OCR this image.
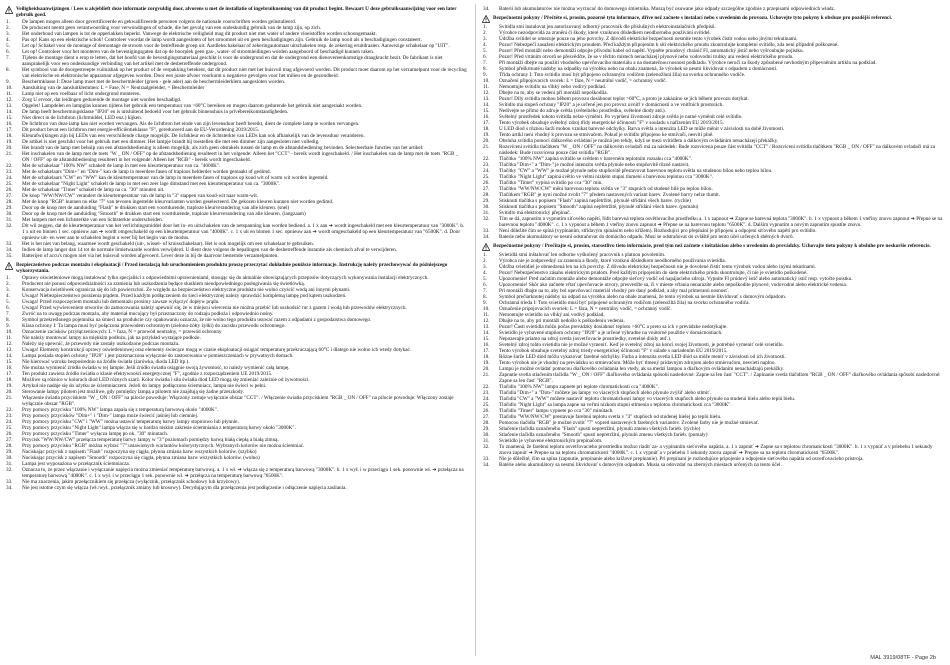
Veiligheidsaanwijzingen / Lees u alsjeblieft deze informatie zorgvuldig door, alvorens u met de installatie of ingebruikneming van dit product begint. Bewaart U deze gebruiksaanwijzing voor een later gebruik goed.
1.	De lampen mogen alleen door gecertificeerde en gekwalificeerde personen volgens de nationale voorschriften worden geïnstalleerd.
2.	De producent neemt geen verantwoording voor verwondingen of schade, die het gevolg van een ondeskundig gebruik van de lamp zijn, op zich.
3.	Het onderhoud van lampen is tot de opperlakken beperkt. Vanwege de elektrische veiligheid mag dit product niet met water of andere vloeistoffen worden schoongemaakt.
4.	Pas op! Kans op een elektrische schok! Controleer voordat de lamp wordt aangesloten of het stroomnet uit en geen beschadigingen zijn. Gebruik de lamp nooit als u beschadigingen constateert.
5.	Let op! Schakel voor de montage of demontage de stroom voor de betreffende groep uit. Aardlekschakelaar of zekeringautomaat uitschakelen resp. de zekering eruitdraaien. Aanwezige schakelaar op "UIT".
6.	Let op! Controleer voor het monteren van de bevestigingsgaten dat op de boorplek geen gas-, water- of stroomleidingen worden aangeboord of beschadigd kunnen raken.
7.	Tijdens de montage dient u erop te letten, dat het hoofd van de bevestigingsmateriaal geschikt is voor de ondergrond en dat de ondergrond een dienovereenkomstige draagkracht bezit. De fabrikant is niet aansprakelijk voor een ondeskundige verbinding van het artikel met de desbetreffende ondergrond.
8.	Het symbool van de doorgestreepte vuilnisbak op het product of de verpakking betekent, dat dit product niet met het huisvuil mag afgevoerd worden. Dit product moet daarom op het verzamelpunt voor de recycling van elektrische en elektronische apparatuur afgegeven worden. Door een juiste afvoer voorkomt u negatieve gevolgen voor het milieu en de gezondheid.
9.	Beschermklasse I: Deze lamp moet met de beschermleider (groen - gele ader) aan de beschermleiderklem aangesloten worden.
10.	Aansluiting van de aansluitklemmen: L = Fase, N = Neutraalgeleider, = Beschermleider
11.	Lamp niet op een voelbaar of licht ondergrond monteren.
12.	Zorg U ervoor, dat leidingen gedurende de montage niet worden beschadigd.
13.	Opgelet! Lampdelen en lampglas kunnen tijdens het gebruik een temperatuur van >60°C bereiken en mogen daarom gedurende het gebruik niet aangeraakt worden.
14.	De lamp heeft beschermingsklasse "IP20" en is uitsluitend bedoeld voor het gebruik binnenshuis in privébereikomstandigheden.
15.	Niet direct in de lichtbron (lichtmiddel, LED enz.) kijken.
16.	De lichtbron van deze lamp kan niet worden vervangen. Als de lichtbron het einde van zijn levensduur heeft bereikt, dient de complete lamp te worden vervangen.
17.	Dit product bevat een lichtbron met energie-efficiëntieklasse "F", gereduceerd aan de EU-Verordening 2019/2015.
18.	Kleurafwijkingen zijn bij LEDs van een verschillende charge mogelijk. De lichtkleur en de lichtsterkte van LEDs kan ook afhankelijk van de levensduur veranderen.
19.	De artikel is niet geschikt voor het gebruik met een dimmer. Het lampje brandt bij toestellen die met een dimmer zijn aangesloten niet volledig.
20.	Het brandt van de lamp met behulp van een afstandsbediening is alleen mogelijk, als zich geen obstakels tussen de lamp en de afstandsbediening bevinden. Selecteerbare functies van het artikel:
21.	Het inschakelen van de lamp met de toets "W _ ON / OFF" op de afstandsbediening resulteert in het volgende: Alleen het "CCT" - bereik wordt ingeschakeld. / Het inschakelen van de lamp met de toets "RGB _ ON / OFF" op de afstandsbediening resulteert in het volgende: Alleen het "RGB" - bereik wordt ingeschakeld.
22.	Met de schakelaar "100% NW" schakelt de lamp in met een kleurtemperatuur van ca. "4000K".
23.	Met de schakelaars "Dim+" en "Dim-" kan de lamp in meerdere fasen of traploos helderder worden gemaakt of gedimd.
24.	Met de schakelaars "CW" en "WW" kan de kleurtemperatuur van de lamp in meerdere fasen of traploos op koud wit of warm wit worden ingesteld.
25.	Met de schakelaar "Night Light" schakelt de lamp in met een zeer lage dimstand met een kleurtemperatuur van ca. "3000K".
26.	Met de schakelaar "Timer" schakelt de lamp na ca. "30" minuten uit.
27.	De knop "WW/NW/CW" verandert de kleurtemperatuur van de lamp in "3" stappen van koud-wit naar warm-wit.
28.	Met de knop "RGB" kunnen nu elke "7" van tevoren ingestelde kleurvarianten worden geselecteerd. De gekozen kleuren kunnen niet worden gedimd.
29.	Door op de knop met de aanduiding "Flash" te drukken start een voortdurende, traploze kleurverandering van alle kleuren. (snel)
30.	Door op de knop met de aanduiding "Smooth" te drukken start een voortdurende, traploze kleurverandering van alle kleuren. (langzaam)
31.	Met lampen met een lichtsterkte van een lichtsterkte onderscheiden.
32.	Dit wil zeggen, dat de kleurtemperatuur van het verlichtingsmiddel door het in- en uitschakelen van de netspanning kan worden bediend. a. 1 x aan ➔ wordt ingeschakeld met een kleurtemperatuur van "3000K". b. 1 x uit en binnen 1 sec. opnieuw aan ➔ wordt omgeschakeld op een kleurtemperatuur van "4000K". c. 1 x uit en binnen 1 sec. opnieuw aan ➔ wordt omgeschakeld op een kleurtemperatuur van "6500K". d. Door opnieuw uit- en weer aan te schakelen begint u weer bij het begin van de modus.
33.	Het is het niet van belang, waarmee wordt geschakeld (uit-, wissel- of kruisschakelaar). Het is ook mogelijk om een schakelaar te gebruiken.
34.	Indien de lamp langer dan 14 tot de normale limietwaarde worden verwijderd. U dient deze volgens de bepalingen van de desbetreffende instantie als chemisch afval te verwijderen.
35.	Batterijen of accu's mogen niet via het huisvuil worden afgevoerd. Lever deze in bij de daarvoor bestemde verzamelpunten.
Bezpieczeństwo podczas montażu i eksploatacji / Przed instalacją lub uruchomieniem produktu proszę przeczytać dokładnie poniższe informacje. Instrukcję należy przechowywać do późniejszego wykorzystania.
1.	Oprawy oświetleniowe mogą instalować tylko specjaliści z odpowiednimi uprawnieniami, stosując się do aktualnie obowiązujących przepisów dotyczących wykonywania instalacji elektrycznych.
2.	Producent nie ponosi odpowiedzialności za zranienia lub uszkodzenia będące skutkiem nieodpowiedniego posługiwania się świetlówką.
3.	Konserwacja świetlówek ogranicza się do ich powierzchni. Ze względu na bezpieczeństwo elektryczne produktu nie wolno czyścić wodą ani innymi płynami.
4.	Uwaga! Niebezpieczeństwo porażenia prądem. Przed każdym podłączeniem do sieci elektrycznej należy sprawdzić kompletną lampę pod kątem uszkodzeń.
5.	Uwaga! Przed rozpoczęciem montażu lub demontażu prosimy zawsze wyłączyć dopływ prądu.
6.	Uwaga! Przed wywierceniem otworów do zamocowania należy upewnić się, że w miejscu wiercenia nie można przebić lub uszkodzić rur z gazem i wodą lub przewodów elektrycznych.
7.	Zwróć na to uwagę podczas montażu, aby materiał mocujący był przeznaczony do rodzaju podłoża i odpowiednio nośny.
8.	Symbol przekreślonego pojemnika na śmieci na produkcie czy opakowaniu oznacza, że nie wolno tego produktu usuwać razem z odpadami z gospodarstwa domowego.
9.	Klasa ochrony I: Ta lampa musi być połączona przewodem ochronnym (zielono-żółty żyłki) do zacisku przewodu ochronnego.
10.	Oznaczenie zacisków przyłączeniowych: L = faza, N = przewód neutralny, = przewód ochronny
11.	Nie należy montować lampy na miękkim podłożu, jak na przykład wystające podłoże.
12.	Należy się upewnić, że przewody nie zostały uszkodzone podczas montażu.
13.	Uwaga! Elementy konstrukcji oprawy oświetleniowej oraz elementy świecące mogą w czasie eksploatacji osiągać temperaturę przekraczającą 60°C i dlatego nie wolno ich wtedy dotykać.
14.	Lampa posiada stopień ochrony "IP20" i jest przeznaczona wyłącznie do zastosowania w pomieszczeniach w prywatnych domach.
15.	Nie kierować wzroku bezpośrednio na źródło światła (żarówka, dioda LED itp.).
16.	Nie można wymienić źródła światła w tej lampie. Jeśli źródło światła osiągnie swoją żywotność, to należy wymienić całą lampę.
17.	Ten produkt zawiera źródło światła o klasie efektywności energetycznej "F", zgodnie z rozporządzeniem UE 2019/2015.
18.	Możliwe są różnice w kolorach diod LED różnych szarż. Kolor światła i siła światła diod LED mogą się zmieniać zależnie od żywotności.
19.	Artykuł nie nadaje się do użytku ze ściemniaczem. Jeżeli do lampy podłączono ściemniacz, lampa nie świeci w pełni.
20.	Sterowanie lampy pilotem jest możliwe, gdy pomiędzy lampą a pilotem nie znajdują się żadne przeszkody.
21.	Włączenie światła przyciskiem "W _ ON / OFF" na pilocie powoduje: Włączony zostaje wyłącznie obszar "CCT". / Włączenie światła przyciskiem "RGB _ ON / OFF" na pilocie powoduje: Włączony zostaje wyłącznie obszar "RGB".
22.	Przy pomocy przycisku "100% NW" lampa zapala się z temperaturą barwową około "4000K".
23.	Przy pomocy przycisków "Dim+" i "Dim-" lampa może świecić jaśniej lub ciemniej.
24.	Przy pomocy przycisku "CW" i "WW" można ustawić temperaturę barwy lampy stopniowo lub płynnie.
25.	Przy pomocy przycisku "Night Light" lampa włącza się w bardzo niskim zakresie ściemniania z temperaturą barwy około "3000K".
26.	Przy pomocy przycisku "Timer" wyłącza lampę po ok. "30" minutach.
27.	Przycisk "WW/NW/CW" przełącza temperaturę barwy lampy w "3" poziomach pomiędzy barwą białą ciepłą a białą zimną.
28.	Przy pomocy przycisku "RGB" można wybrać "7" ustawionych wariantów kolorystycznych. Wybranych kolorów nie można ściemniać.
29.	Naciskając przycisk z napisem "Flash" rozpoczyna się ciągła, płynna zmiana barw wszystkich kolorów. (szybko)
30.	Naciskając przycisk z napisem "Smooth" rozpoczyna się ciągła, płynna zmiana barw wszystkich kolorów. (wolno)
31.	Lampa jest wyposażona w przełącznik ściemniacza.
32.	Oznacza to, że przez włączanie i wyłączanie napięcia można zmieniać temperaturę barwową. a. 1 x wł. ➔ włącza się z temperaturą barwową "3000K". b. 1 x wył. i w przeciągu 1 sek. ponownie wł. ➔ przełącza na temperaturę barwową "4000K". c. 1 x wył. i w przeciągu 1 sek. ponownie wł. ➔ przełącza na temperaturę barwową "6500K".
33.	Nie ma znaczenia, jakim przełącznikiem się przełącza (wyłącznik, przełącznik schodowy lub krzyżowy).
34.	Nie jest istotne czym się włącza (wł./wył., przełącznik zmiany lub krosowy). Decydującym dla przełączenia jest podłączenie i odłączenie napięcia zasilania.
34.	Baterií lub akumulatorów nie można wyrzucać do domowego śmietnika. Muszą być usuwane jako odpady szczególne zgodnie z przepisami odpowiednich władz.
Bezpečnostní pokyny / Přečtěte si, prosím, pozorně tyto informace, dříve než začnete s instalací nebo s uvedením do provozu. Uchovejte tyto pokyny k obsluze pro pozdější referenci.
1.	Svítidla smí instalovat jen autorizovaný odborný pracovník dle příslušných elektroinstalačních předpisů.
2.	Výrobce nezodpovídá za zranění či škody, které vzniknou důsledkem neodborného používání svítidel.
3.	Údržba svítidel se omezuje pouze na jeho povrchy. Z důvodů elektrické bezpečnosti nesmíte tento výrobek čistit vodou nebo jinými tekutinami.
4.	Pozor! Nebezpečí zasažení elektrickým proudem. Před každým připojením k síti elektrického proudu zkontrolujte kompletní svítidlo, zda není případně poškozené.
5.	Pozor! Před montáží nebo demontáží odpojte přívodní kabel od napětí. Vypněte proudový chránič FI, automatický jistič nebo vyšroubujte pojistku.
6.	Pozor! Před vrtáním otvorů se přesvědčte, že se v těchto místech nenacházejí plynové nebo vodovodní trubky ani vedení elektrického proudu.
7.	Při montáži dbejte na použití vhodného upevňovacího materiálu a na dostatečnou nosnost podkladu. Výrobce neručí za škody způsobené nevhodným připevněním artiklu na podklad.
8.	Symbol přeškrtnuté nádoby na odpadky na výrobku nebo na obalu znamená, že výrobek se nesmí likvidovat s odpadem z domácností.
9.	Třída ochrany I: Toto svítidlo musí být připojeno ochranným vodičem (zelenožlutá žíla) na svorku ochranného vodiče.
10.	Označení připojovacích svorek: L = fáze, N = neutrální vodič, = ochranný vodič.
11.	Nemontujte svítidlo na vlhký nebo vodivý podklad.
12.	Dbejte na to, aby se vedení při montáži nepoškodila.
13.	Pozor! Díly svítidla mohou během provozu dosáhnout teplot >60°C, a proto je zakázáno se jich během provozu dotýkat.
14.	Svítidlo má stupeň ochrany "IP20" a je určené jen pro provoz uvnitř v domácnosti a ve vnitřních prostorách.
15.	Nedívejte se přímo do zdroje světla (světelného prostředku, světelné diody atd.).
16.	Světelný prostředek tohoto svítidla nelze vyměnit. Po vypršení životnosti zdroje světla je nutné vyměnit celé svítidlo.
17.	Tento výrobek obsahuje světelný zdroj třídy energetické účinnosti "F" v souladu s nařízením EU 2019/2015.
18.	U LED diod s různou šarží mohou vznikat barevné odchylky. Barva světla a intenzita LED se může měnit v závislosti na době životnosti.
19.	Tento artikl není vhodný k provozu se stmívačem. Pokud je svítidlo připojeno ke stmívači, nesvítí plně.
20.	Obsluha svítidla pomocí dálkového ovládání je možná jen tehdy, když se mezi svítidlem a dálkovým ovládáním nenacházejí překážky.
21.	Rozsvícení svítidla tlačítkem "W _ ON / OFF" na dálkovém ovladači má za následek: Bude rozsvícena pouze část svítidla "CCT" / Rozsvícení svítidla tlačítkem "RGB _ ON / OFF" na dálkovém ovladači má za následek: Bude rozsvícena pouze část svítidla "RGB".
22.	Tlačítko "100% NW" zapíná svítidlo se světlem v barevném teplotním rozsahu cca "4000K".
23.	Tlačítka "Dim+" a "Dim-" je možné intenzitu světla plynule nebo stupňovitě různě nastavit.
24.	Tlačítky "CW" a "WW" je možné plynule nebo stupňovitě přestavovat barevnou teplotu světla na studenou bílou nebo teplou bílou.
25.	Tlačítko "Night Light" zapíná světlo ve velmi nízkém stupni tlumení s barevnou teplotou cca "3000K".
26.	Tlačítko "Timer" vypíná svítidlo po cca "30" min.
27.	Tlačítko "WW/NW/CW" mění barevnou teplotu světla ve "3" stupních od studené bílé po teplou bílou.
28.	Tlačítkem "RGB" je nyní možné zvolit "7" předem nastavených variant barev. Zvolené barvy nelze tlumit.
29.	Stisknutí tlačítka s popisem "Flash" zapíná nepřetržité, plynulé střídání všech barev. (rychle)
30.	Stisknutí tlačítka s popisem "Smooth" zapíná nepřetržité, plynulé střídání všech barev. (pomalu)
31.	Svítidlo má elektronický přepínač.
32.	Tím se dá, zapnutím a vypnutím síťového napětí, řídit barevná teplota osvětlovacího prostředku a. 1 x zapnout ➔ Zapne se barevná teplota "3000K". b. 1 x vypnout a během 1 vteřiny znovu zapnout ➔ Přepne se na barevnou teplotu "4000K". c. 1 x vypnout a během 1 vteřiny znovu zapnout ➔ Přepne se na barevnou teplotu "6500K". d. Dalším vypnutím a novým zapnutím spustíte znovu.
33.	Není důležité čím se spíná (vypínáním, střídavým spínáním nebo křížem). Rozhodující pro přepínání je připojení a odpojení síťového napětí pro svítidlo.
34.	Baterie nebo akumulátory se nesmí odstraňovat do domácího odpadu. Musí se odstraňovat do zvláště pro tento účel určených sběrných dvorů.
Bezpečnostné pokyny / Prečítajte si, prosím, starostlivo tieto informácie, pred tým než začnete s inštaláciou alebo s uvedením do prevádzky. Uchovajte tieto pokyny k obsluhe pre neskoršie referencie.
1.	Svietidlá smú inštalovať len odborne vyškolený pracovník s platnou povolením.
2.	Výrobca nie je zodpovedný za zranenia a škody, ktoré vzniknú dôsledkom neodborného používania svietidla.
3.	Údržba svietidiel je obmedzená len na ich povrchy. Z dôvodu elektrickej bezpečnosti nie je dovolené čistiť tento výrobok vodou alebo inými tekutinami.
4.	Pozor! Nebezpečenstvo zásahu elektrickým prúdom. Pred každým pripojením do siete elektrického prúdu skontrolujte, či nie je svietidlo poškodené.
5.	Upozornenie! Pred začatím montáže alebo demontáže odpojte sieťový vodič od napájacieho zdroja. Vypnite FI prúdový istič alebo automatický istič resp. vytočte poistku.
6.	Upozornenie! Skôr ako začnete vŕtať upevňovacie otvory, presvedčte sa, či v mieste vŕtania nenarazíte alebo nepoškodíte plynové, vodovodné alebo elektrické vedenia.
7.	Pri montáži dbajte na to, aby bol upevňovací materiál vhodný pre daný podklad, a aby mal primeranú nosnosť.
8.	Symbol prečiarknutej nádoby na odpad na výrobku alebo na obale znamená, že tento výrobok sa nesmie likvidovať s domovým odpadom.
9.	Ochranná trieda I: Toto svietidlo musí byť pripojené ochranným vodičom (zelenožltá žila) na svorku ochranného vodiča.
10.	Označenie pripojovacích svoriek: L = fáza, N = neutrálny vodič, = ochranný vodič.
11.	Nemontujte svietidlo na vlhký ani vodivý podklad.
12.	Dbajte na to, aby pri montáži nedošlo k poškodeniu vedenia.
13.	Pozor! Časti svietidla môžu počas prevádzky dosiahnuť teplotu >60°C a preto sa ich v prevádzke nedotýkajte.
14.	Svietidlo je vybavené stupňom ochrany "IP20" a je určené výhradne na vnútorné použitie v domácnostiach.
15.	Nepozerajte priamo na zdroj svetla (osvetľovacie prostriedky, svetelné diódy atď.).
16.	Svetelný zdroj tohto svietidla nie je možné vymeniť. Keď je svetelný zdroj na konci svojej životnosti, je potrebné vymeniť celé svietidlo.
17.	Tento výrobok obsahuje svetelný zdroj triedy energetickej účinnosti "F" v súlade s nariadením EÚ 2019/2015.
18.	Rôzne šarže LED diód môžu vykazovať farebné odchýlky. Farba a intenzita svetla LED diód sa môže meniť v závislosti od ich životnosti.
19.	Tento výrobok nie je vhodný na prevádzku so stmievačom. Môže byť tlmený prídavným zdrojom alebo stmievačom, nesvieti naplno.
20.	Lampu je možné ovládať pomocou diaľkového ovládania len vtedy, ak sa medzi lampou a diaľkovým ovládaním nenachádzajú prekážky.
21.	Zapnutie svetla stlačením tlačidla "W _ ON / OFF" diaľkového ovládania spôsobí nasledovné: Zapne sa len časť "CCT". / Zapínanie svetla tlačidlom "RGB _ ON / OFF" diaľkového ovládania spôsobí nasledovné: Zapne sa len časť "RGB".
22.	Tlačidlo "100% NW" lampu zapnete pri teplote chromatickosti cca "4000K".
23.	Tlačidlá "Dim+" a "Dim-" môžete jas lampy vo viacerých stupňoch alebo plynule zvýšiť alebo stlmiť.
24.	Tlačidlá "CW" a "WW" môžete nastaviť teplotu chromatickosti lampy vo viacerých stupňoch alebo plynule na studenú bielu alebo teplú bielu.
25.	Tlačidlo "Night Light" sa lampa zapne na veľmi nízkom stupni stlmenia s teplotou chromatickosti cca "3000K".
26.	Tlačidlo "Timer" lampu vypnete po cca "30" minútach.
27.	Tlačidlo "WW/NW/CW" prestavuje farebnú teplotu svetla v "3" stupňoch od studenej bielej po teplú bielu.
28.	Pomocou tlačidla "RGB" je možné zvoliť "7" vopred nastavených farebných variantov. Zvolené farby nie je možné stmievať.
29.	Stlačenie tlačidla označeného "Flash" spustí nepretržitú, plynulú zmenu všetkých farieb. (rýchlo)
30.	Stlačenie tlačidla označeného "Smooth" spustí nepretržitú, plynulú zmenu všetkých farieb. (pomaly)
31.	Svietidlo je vybavené elektronickým prepínačom.
32.	To znamená, že farebnú teplotu osvetľovacieho prostriedku možno riadiť za- a vypínaním sieťového napätia. a. 1 x zapnúť ➔ Zapne sa s teplotou chromatickosti "3000K". b. 1 x vypnúť a v priebehu 1 sekundy znova zapnúť ➔ Prepne sa na teplotu chromatickosti "4000K". c. 1 x vypnúť a v priebehu 1 sekundy znova zapnúť ➔ Prepne sa na teplotu chromatickosti "6500K".
33.	Nie je dôležité, čím sa spína (zapnutie, prepínanie alebo krížové prepínanie). Pri prepínaní je rozhodujúce pripojenie a odpojenie sieťového napätia od osvetľovacieho prístroja.
34.	Batérie alebo akumulátory sa nesmú likvidovať s domovým odpadom. Musia sa odovzdať na zberných miestach určených na tento účel.
MAL 3919/08TF - Page 2b
